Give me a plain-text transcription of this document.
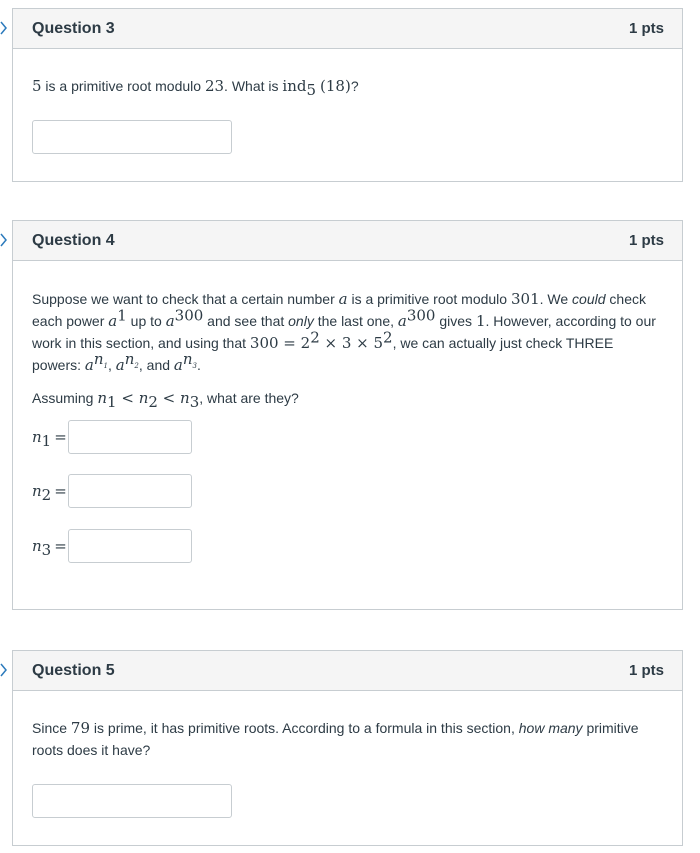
Question 3	1 pts
5 is a primitive root modulo 23. What is ind$_5$ (18)?
Question 4	1 pts
Suppose we want to check that a certain number a is a primitive root modulo 301. We could check each power $a^1$ up to $a^{300}$ and see that only the last one, $a^{300}$ gives 1. However, according to our work in this section, and using that $300 = 2^2 \times 3 \times 5^2$, we can actually just check THREE powers: $a^{n_1}$, $a^{n_2}$, and $a^{n_3}$.
Assuming $n_1 < n_2 < n_3$, what are they?
$n_1$ =
$n_2$ =
$n_3$ =
Question 5	1 pts
Since 79 is prime, it has primitive roots. According to a formula in this section, how many primitive roots does it have?
